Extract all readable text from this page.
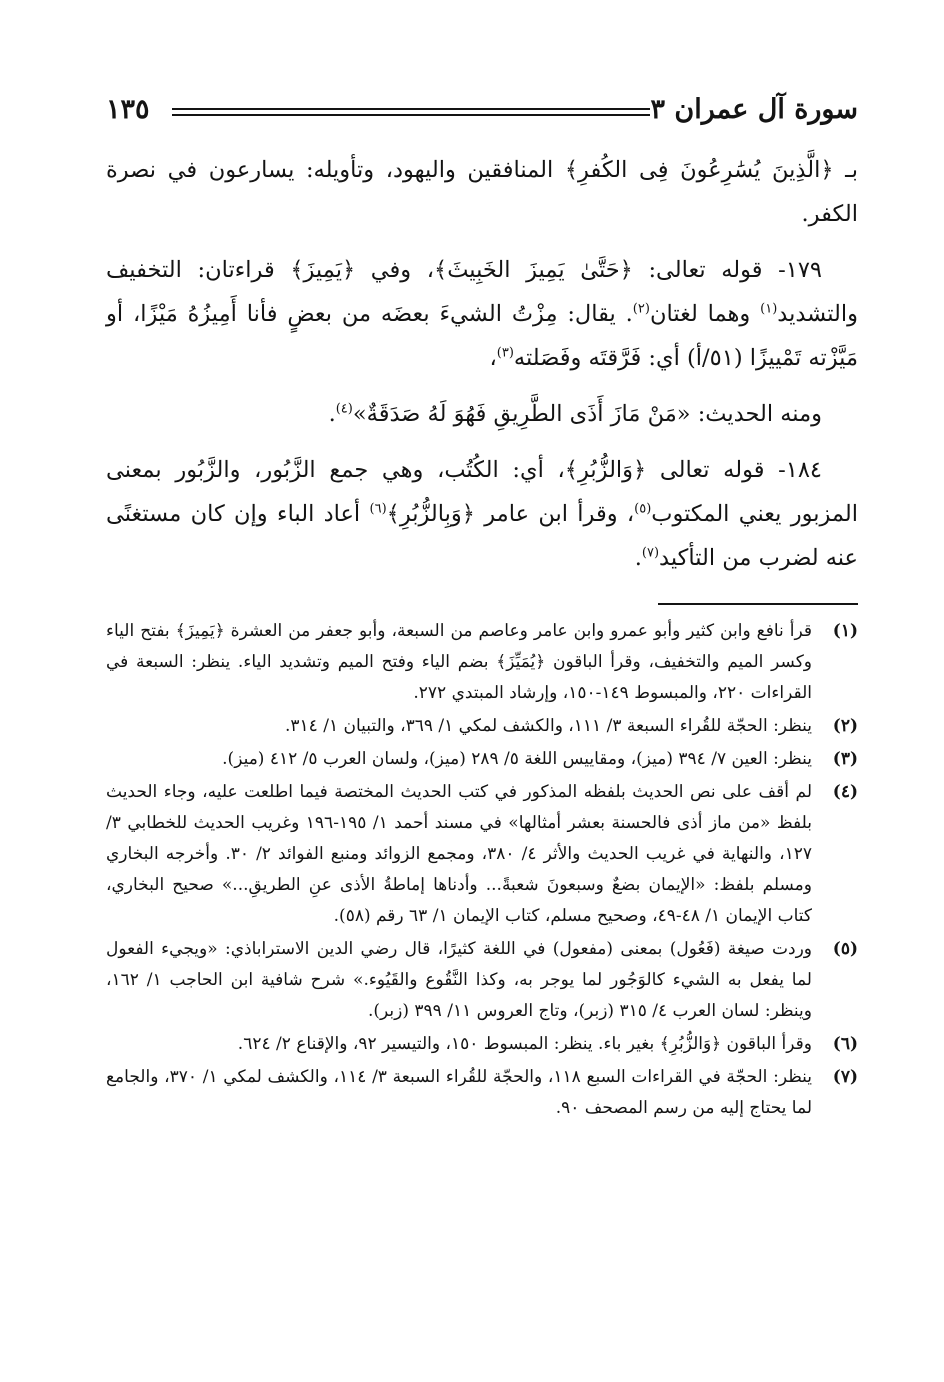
سورة آل عمران ٣
١٣٥

بـ ﴿الَّذِينَ يُسَٰرِعُونَ فِى الكُفرِ﴾ المنافقين واليهود، وتأويله: يسارعون في نصرة الكفر.

١٧٩- قوله تعالى: ﴿حَتَّىٰ يَمِيزَ الخَبِيثَ﴾، وفي ﴿يَمِيزَ﴾ قراءتان: التخفيف والتشديد$^{(١)}$ وهما لغتان$^{(٢)}$. يقال: مِزْتُ الشيءَ بعضَه من بعضٍ فأنا أَمِيزُهُ مَيْزًا، أو مَيَّزْته تَمْييزًا (٥١/أ) أي: فَرَّقتَه وفَصَلته$^{(٣)}$،

ومنه الحديث: «مَنْ مَازَ أَذَى الطَّرِيقِ فَهُوَ لَهُ صَدَقَةٌ»$^{(٤)}$.

١٨٤- قوله تعالى ﴿وَالزُّبُرِ﴾، أي: الكُتُب، وهي جمع الزَّبُور، والزَّبُور بمعنى المزبور يعني المكتوب$^{(٥)}$، وقرأ ابن عامر ﴿وَبِالزُّبُرِ﴾$^{(٦)}$ أعاد الباء وإن كان مستغنًى عنه لضرب من التأكيد$^{(٧)}$.

(١)
قرأ نافع وابن كثير وأبو عمرو وابن عامر وعاصم من السبعة، وأبو جعفر من العشرة ﴿يَمِيزَ﴾ بفتح الياء وكسر الميم والتخفيف، وقرأ الباقون ﴿يُمَيِّزَ﴾ بضم الياء وفتح الميم وتشديد الياء. ينظر: السبعة في القراءات ٢٢٠، والمبسوط ١٤٩-١٥٠، وإرشاد المبتدي ٢٧٢.
(٢)
ينظر: الحجّة للقُراء السبعة ٣/ ١١١، والكشف لمكي ١/ ٣٦٩، والتبيان ١/ ٣١٤.
(٣)
ينظر: العين ٧/ ٣٩٤ (ميز)، ومقاييس اللغة ٥/ ٢٨٩ (ميز)، ولسان العرب ٥/ ٤١٢ (ميز).
(٤)
لم أقف على نص الحديث بلفظه المذكور في كتب الحديث المختصة فيما اطلعت عليه، وجاء الحديث بلفظ «من ماز أذى فالحسنة بعشر أمثالها» في مسند أحمد ١/ ١٩٥-١٩٦ وغريب الحديث للخطابي ٣/ ١٢٧، والنهاية في غريب الحديث والأثر ٤/ ٣٨٠، ومجمع الزوائد ومنبع الفوائد ٢/ ٣٠. وأخرجه البخاري ومسلم بلفظ: «الإيمان بضعٌ وسبعونَ شعبةً... وأدناها إماطةُ الأذى عنِ الطريقِ...» صحيح البخاري، كتاب الإيمان ١/ ٤٨-٤٩، وصحيح مسلم، كتاب الإيمان ١/ ٦٣ رقم (٥٨).
(٥)
وردت صيغة (فَعُول) بمعنى (مفعول) في اللغة كثيرًا، قال رضي الدين الاستراباذي: «ويجيء الفعول لما يفعل به الشيء كالوَجُور لما يوجر به، وكذا النَّقُوع والقَيُوء.» شرح شافية ابن الحاجب ١/ ١٦٢، وينظر: لسان العرب ٤/ ٣١٥ (زبر)، وتاج العروس ١١/ ٣٩٩ (زبر).
(٦)
وقرأ الباقون ﴿وَالزُّبُرِ﴾ بغير باء. ينظر: المبسوط ١٥٠، والتيسير ٩٢، والإقناع ٢/ ٦٢٤.
(٧)
ينظر: الحجّة في القراءات السبع ١١٨، والحجّة للقُراء السبعة ٣/ ١١٤، والكشف لمكي ١/ ٣٧٠، والجامع لما يحتاج إليه من رسم المصحف ٩٠.
